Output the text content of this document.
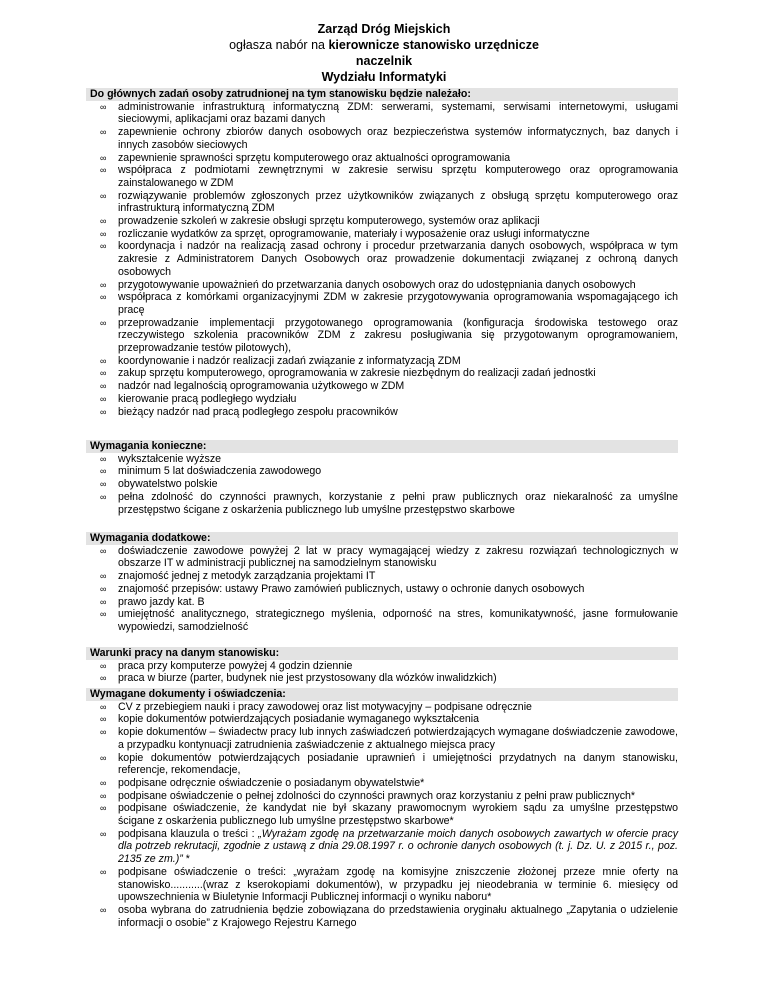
Zarząd Dróg Miejskich
ogłasza nabór na kierownicze stanowisko urzędnicze
naczelnik
Wydziału Informatyki
Do głównych zadań osoby zatrudnionej na tym stanowisku będzie należało:
∞ administrowanie infrastrukturą informatyczną ZDM: serwerami, systemami, serwisami internetowymi, usługami sieciowymi, aplikacjami oraz bazami danych
∞ zapewnienie ochrony zbiorów danych osobowych oraz bezpieczeństwa systemów informatycznych, baz danych i innych zasobów sieciowych
∞ zapewnienie sprawności sprzętu komputerowego oraz aktualności oprogramowania
∞ współpraca z podmiotami zewnętrznymi w zakresie serwisu sprzętu komputerowego oraz oprogramowania zainstalowanego w ZDM
∞ rozwiązywanie problemów zgłoszonych przez użytkowników związanych z obsługą sprzętu komputerowego oraz infrastrukturą informatyczną ZDM
∞ prowadzenie szkoleń w zakresie obsługi sprzętu komputerowego, systemów oraz aplikacji
∞ rozliczanie wydatków za sprzęt, oprogramowanie, materiały i wyposażenie oraz usługi informatyczne
∞ koordynacja i nadzór na realizacją zasad ochrony i procedur przetwarzania danych osobowych, współpraca w tym zakresie z Administratorem Danych Osobowych oraz prowadzenie dokumentacji związanej z ochroną danych osobowych
∞ przygotowywanie upoważnień do przetwarzania danych osobowych oraz do udostępniania danych osobowych
∞ współpraca z komórkami organizacyjnymi ZDM w zakresie przygotowywania oprogramowania wspomagającego ich pracę
∞ przeprowadzanie implementacji przygotowanego oprogramowania (konfiguracja środowiska testowego oraz rzeczywistego szkolenia pracowników ZDM z zakresu posługiwania się przygotowanym oprogramowaniem, przeprowadzanie testów pilotowych),
∞ koordynowanie i nadzór realizacji zadań związanie z informatyzacją ZDM
∞ zakup sprzętu komputerowego, oprogramowania w zakresie niezbędnym do realizacji zadań jednostki
∞ nadzór nad legalnością oprogramowania użytkowego w ZDM
∞ kierowanie pracą podległego wydziału
∞ bieżący nadzór nad pracą podległego zespołu pracowników
Wymagania konieczne:
∞ wykształcenie wyższe
∞ minimum 5 lat doświadczenia zawodowego
∞ obywatelstwo polskie
∞ pełna zdolność do czynności prawnych, korzystanie z pełni praw publicznych oraz niekaralność za umyślne przestępstwo ścigane z oskarżenia publicznego lub umyślne przestępstwo skarbowe
Wymagania dodatkowe:
∞ doświadczenie zawodowe powyżej 2 lat w pracy wymagającej wiedzy z zakresu rozwiązań technologicznych w obszarze IT w administracji publicznej na samodzielnym stanowisku
∞ znajomość jednej z metodyk zarządzania projektami IT
∞ znajomość przepisów: ustawy Prawo zamówień publicznych, ustawy o ochronie danych osobowych
∞ prawo jazdy kat. B
∞ umiejętność analitycznego, strategicznego myślenia, odporność na stres, komunikatywność, jasne formułowanie wypowiedzi, samodzielność
Warunki pracy na danym stanowisku:
∞ praca przy komputerze powyżej 4 godzin dziennie
∞ praca w biurze (parter, budynek nie jest przystosowany dla wózków inwalidzkich)
Wymagane dokumenty i oświadczenia:
∞ CV z przebiegiem nauki i pracy zawodowej oraz list motywacyjny – podpisane odręcznie
∞ kopie dokumentów potwierdzających posiadanie wymaganego wykształcenia
∞ kopie dokumentów – świadectw pracy lub innych zaświadczeń potwierdzających wymagane doświadczenie zawodowe, a przypadku kontynuacji zatrudnienia zaświadczenie z aktualnego miejsca pracy
∞ kopie dokumentów potwierdzających posiadanie uprawnień i umiejętności przydatnych na danym stanowisku, referencje, rekomendacje,
∞ podpisane odręcznie oświadczenie o posiadanym obywatelstwie*
∞ podpisane oświadczenie o pełnej zdolności do czynności prawnych oraz korzystaniu z pełni praw publicznych*
∞ podpisane oświadczenie, że kandydat nie był skazany prawomocnym wyrokiem sądu za umyślne przestępstwo ścigane z oskarżenia publicznego lub umyślne przestępstwo skarbowe*
∞ podpisana klauzula o treści : „Wyrażam zgodę na przetwarzanie moich danych osobowych zawartych w ofercie pracy dla potrzeb rekrutacji, zgodnie z ustawą z dnia 29.08.1997 r. o ochronie danych osobowych (t. j. Dz. U. z 2015 r., poz. 2135 ze zm.)” *
∞ podpisane oświadczenie o treści: „wyrażam zgodę na komisyjne zniszczenie złożonej przeze mnie oferty na stanowisko...........(wraz z kserokopiami dokumentów), w przypadku jej nieodebrania w terminie 6. miesięcy od upowszechnienia w Biuletynie Informacji Publicznej informacji o wyniku naboru*
∞ osoba wybrana do zatrudnienia będzie zobowiązana do przedstawienia oryginału aktualnego „Zapytania o udzielenie informacji o osobie” z Krajowego Rejestru Karnego
